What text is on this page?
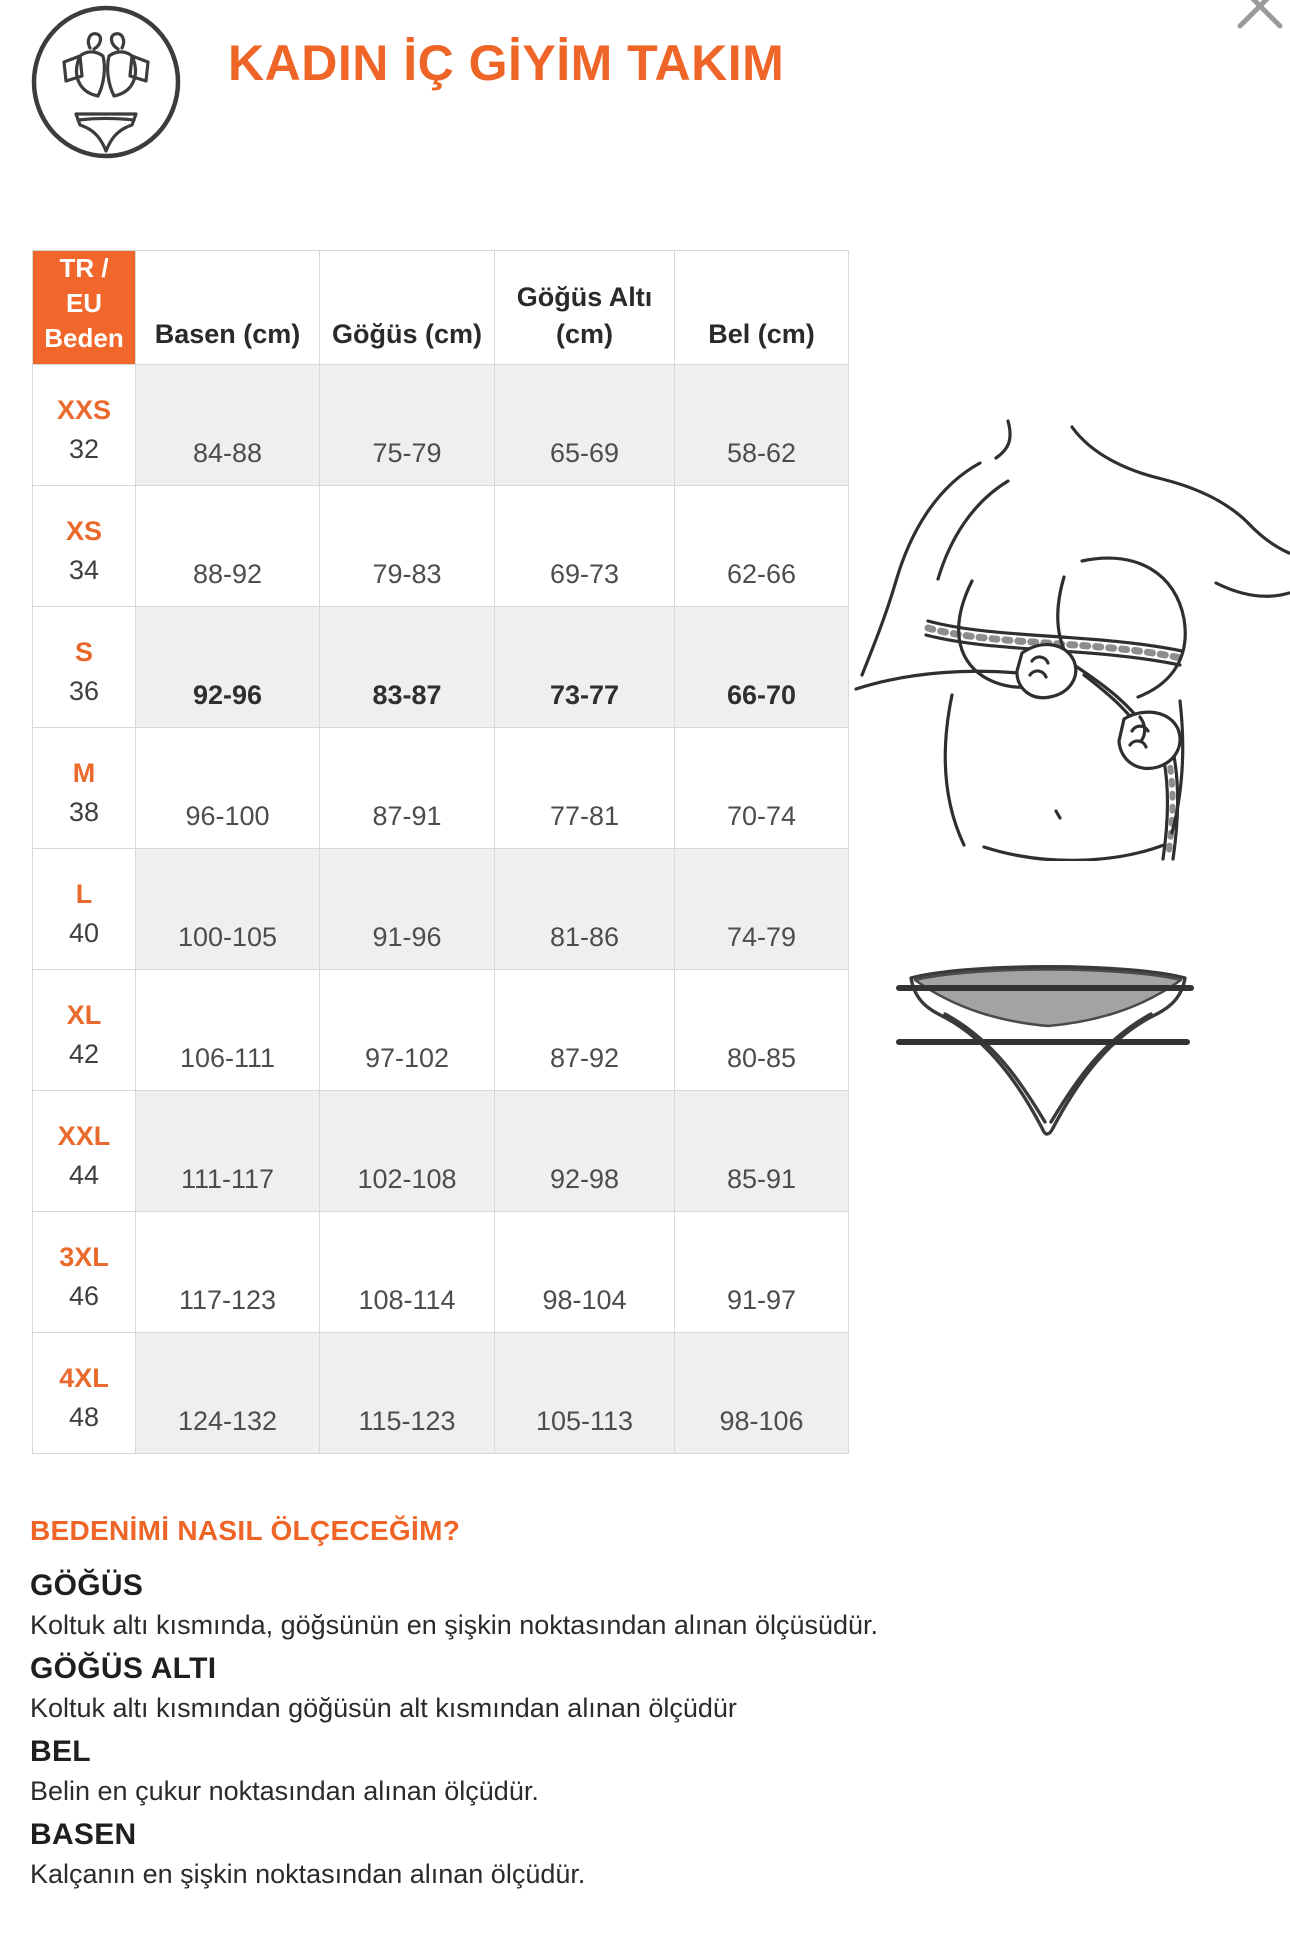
KADIN İÇ GİYİM TAKIM
TR /
EU
Beden	Basen (cm)	Göğüs (cm)	Göğüs Altı
(cm)	Bel (cm)

XXS
32	84-88	75-79	65-69	58-62

XS
34	88-92	79-83	69-73	62-66

S
36	92-96	83-87	73-77	66-70

M
38	96-100	87-91	77-81	70-74

L
40	100-105	91-96	81-86	74-79

XL
42	106-111	97-102	87-92	80-85

XXL
44	111-117	102-108	92-98	85-91

3XL
46	117-123	108-114	98-104	91-97

4XL
48	124-132	115-123	105-113	98-106
BEDENİMİ NASIL ÖLÇECEĞİM?
GÖĞÜS
Koltuk altı kısmında, göğsünün en şişkin noktasından alınan ölçüsüdür.
GÖĞÜS ALTI
Koltuk altı kısmından göğüsün alt kısmından alınan ölçüdür
BEL
Belin en çukur noktasından alınan ölçüdür.
BASEN
Kalçanın en şişkin noktasından alınan ölçüdür.
